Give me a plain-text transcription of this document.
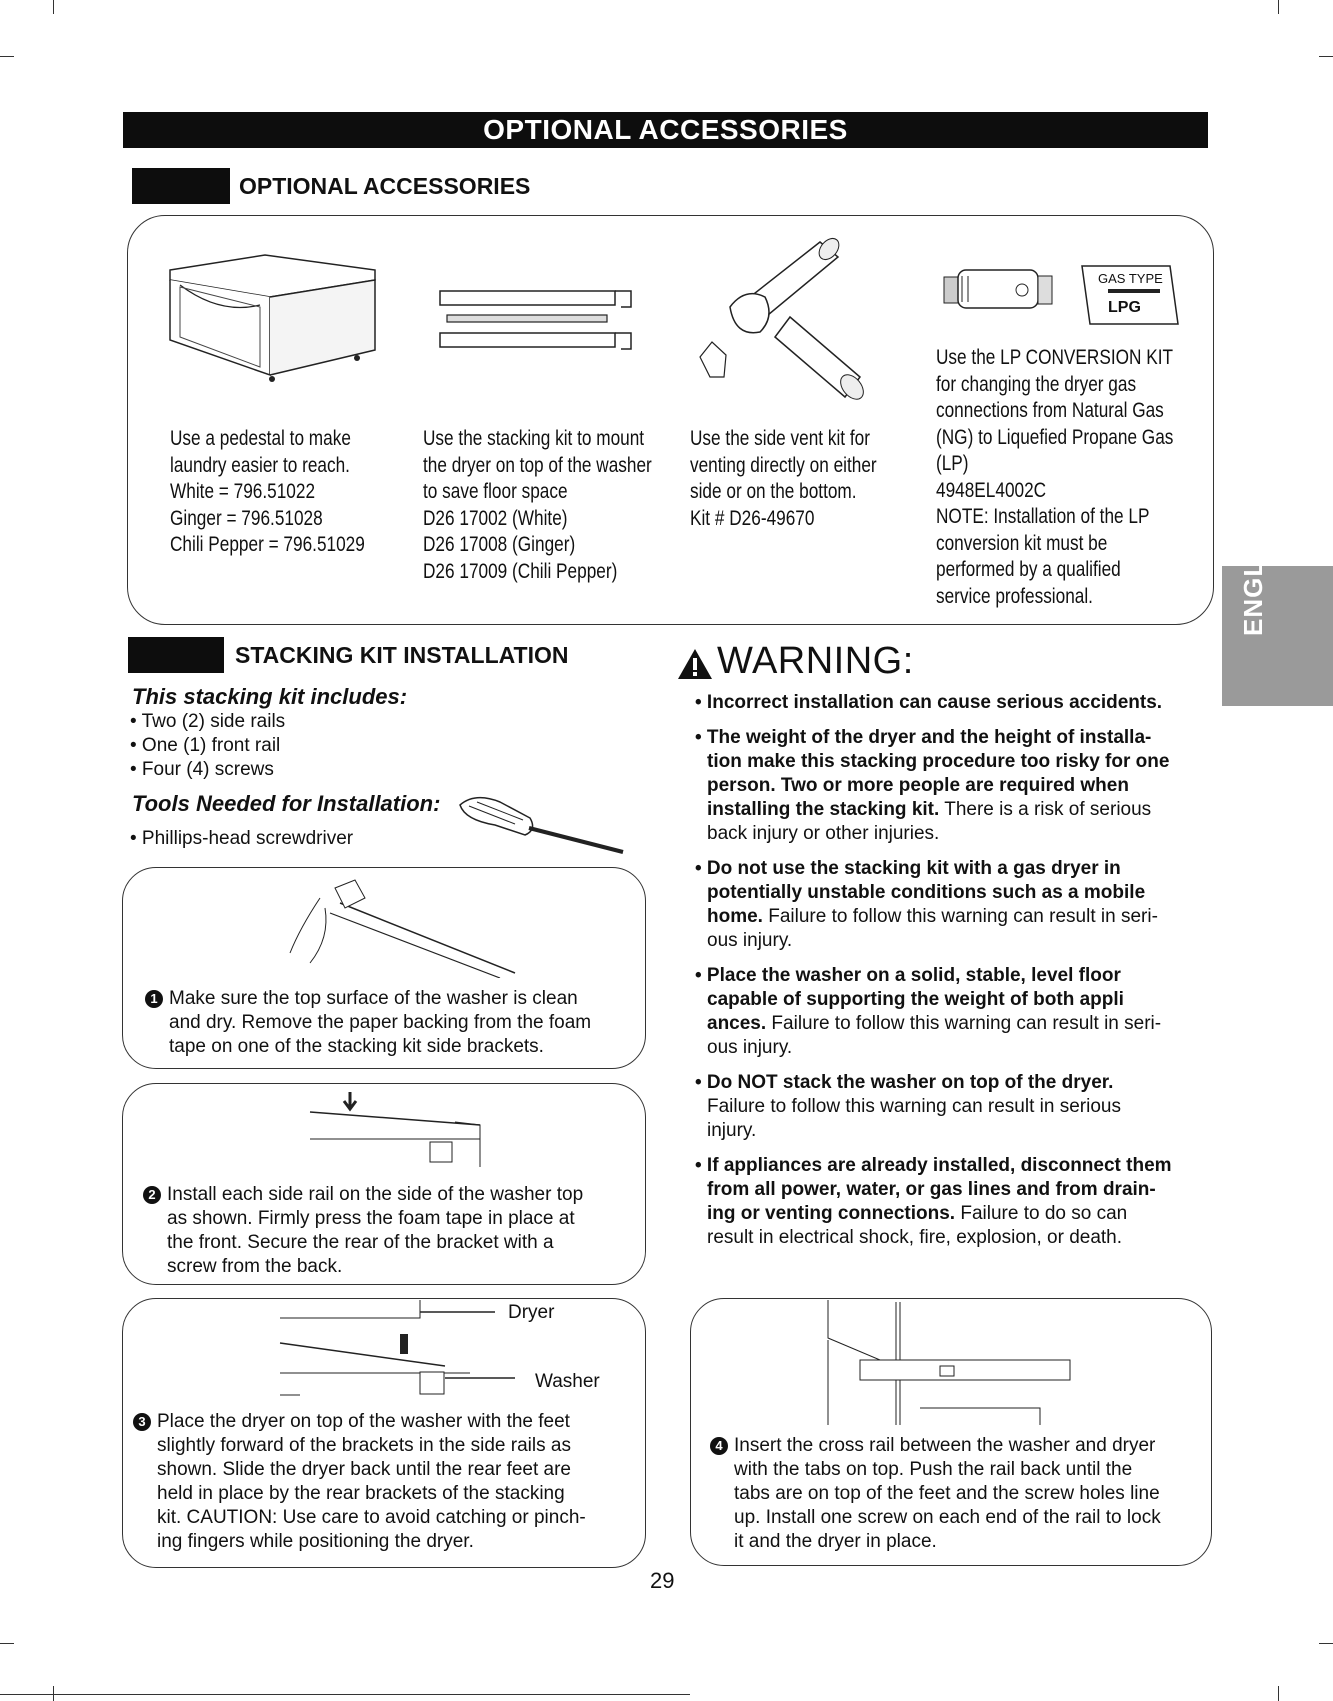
OPTIONAL ACCESSORIES
OPTIONAL ACCESSORIES
GAS TYPE
LPG
Use a pedestal to make
laundry easier to reach.
White = 796.51022
Ginger = 796.51028
Chili Pepper = 796.51029
Use the stacking kit to mount
the dryer on top of the washer
to save floor space
D26 17002 (White)
D26 17008 (Ginger)
D26 17009 (Chili Pepper)
Use the side vent kit for
venting directly on either
side or on the bottom.
Kit # D26-49670
Use the LP CONVERSION KIT
for changing the dryer gas
connections from Natural Gas
(NG) to Liquefied Propane Gas
(LP)
4948EL4002C
NOTE: Installation of the LP
conversion kit must be
performed by a qualified
service professional.	ENGLISH
STACKING KIT INSTALLATION
This stacking kit includes:
• Two (2) side rails
• One (1) front rail
• Four (4) screws
Tools Needed for Installation:
• Phillips-head screwdriver
1 Make sure the top surface of the washer is clean
and dry. Remove the paper backing from the foam
tape on one of the stacking kit side brackets.
2 Install each side rail on the side of the washer top
as shown. Firmly press the foam tape in place at
the front. Secure the rear of the bracket with a
screw from the back.
Dryer
Washer
3 Place the dryer on top of the washer with the feet
slightly forward of the brackets in the side rails as
shown. Slide the dryer back until the rear feet are
held in place by the rear brackets of the stacking
kit. CAUTION: Use care to avoid catching or pinch-
ing fingers while positioning the dryer.
WARNING:
• Incorrect installation can cause serious accidents.
• The weight of the dryer and the height of installa-
tion make this stacking procedure too risky for one
person. Two or more people are required when
installing the stacking kit. There is a risk of serious
back injury or other injuries.
• Do not use the stacking kit with a gas dryer in
potentially unstable conditions such as a mobile
home. Failure to follow this warning can result in seri-
ous injury.
• Place the washer on a solid, stable, level floor
capable of supporting the weight of both appli
ances. Failure to follow this warning can result in seri-
ous injury.
• Do NOT stack the washer on top of the dryer.
Failure to follow this warning can result in serious
injury.
• If appliances are already installed, disconnect them
from all power, water, or gas lines and from drain-
ing or venting connections. Failure to do so can
result in electrical shock, fire, explosion, or death.
4 Insert the cross rail between the washer and dryer
with the tabs on top. Push the rail back until the
tabs are on top of the feet and the screw holes line
up. Install one screw on each end of the rail to lock
it and the dryer in place.
29
